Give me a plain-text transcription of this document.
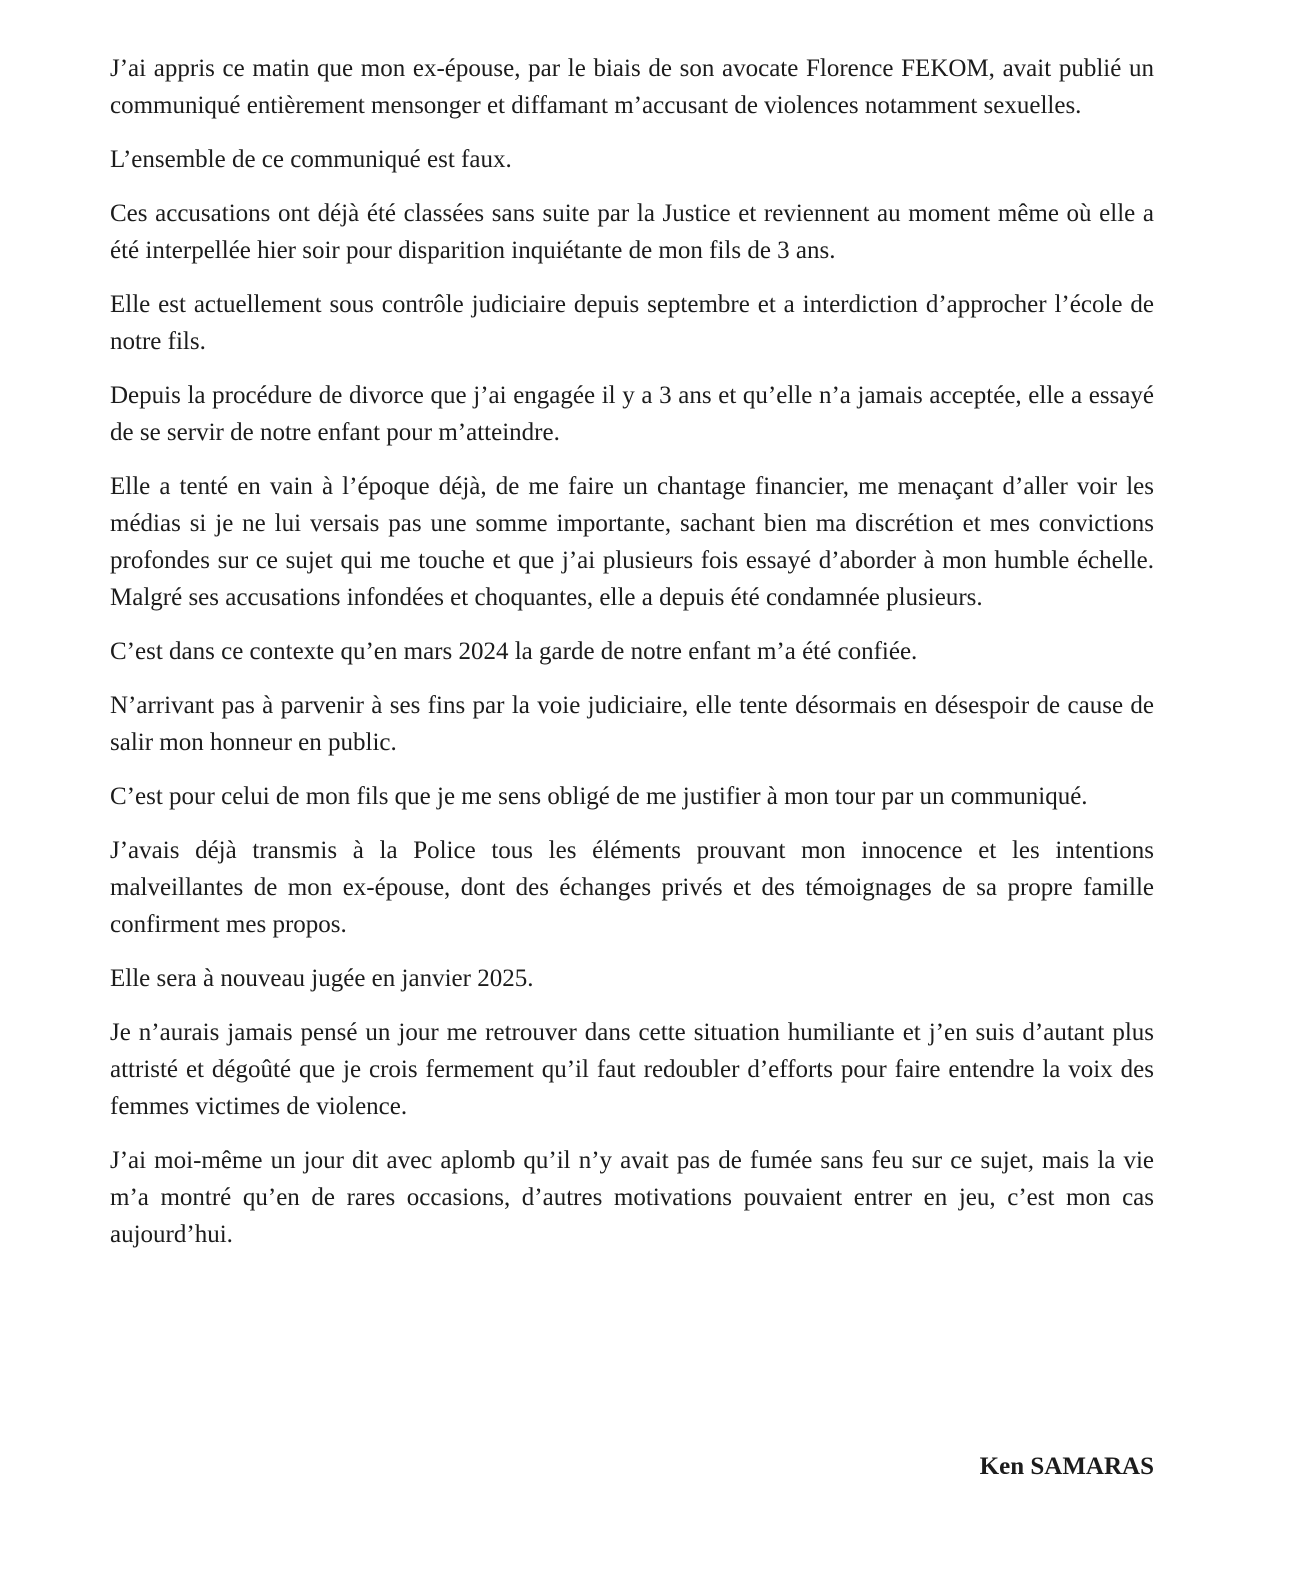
J’ai appris ce matin que mon ex-épouse, par le biais de son avocate Florence FEKOM, avait publié un communiqué entièrement mensonger et diffamant m’accusant de violences notamment sexuelles.

L’ensemble de ce communiqué est faux.

Ces accusations ont déjà été classées sans suite par la Justice et reviennent au moment même où elle a été interpellée hier soir pour disparition inquiétante de mon fils de 3 ans.

Elle est actuellement sous contrôle judiciaire depuis septembre et a interdiction d’approcher l’école de notre fils.

Depuis la procédure de divorce que j’ai engagée il y a 3 ans et qu’elle n’a jamais acceptée, elle a essayé de se servir de notre enfant pour m’atteindre.

Elle a tenté en vain à l’époque déjà, de me faire un chantage financier, me menaçant d’aller voir les médias si je ne lui versais pas une somme importante, sachant bien ma discrétion et mes convictions profondes sur ce sujet qui me touche et que j’ai plusieurs fois essayé d’aborder à mon humble échelle. Malgré ses accusations infondées et choquantes, elle a depuis été condamnée plusieurs.

C’est dans ce contexte qu’en mars 2024 la garde de notre enfant m’a été confiée.

N’arrivant pas à parvenir à ses fins par la voie judiciaire, elle tente désormais en désespoir de cause de salir mon honneur en public.

C’est pour celui de mon fils que je me sens obligé de me justifier à mon tour par un communiqué.

J’avais déjà transmis à la Police tous les éléments prouvant mon innocence et les intentions malveillantes de mon ex-épouse, dont des échanges privés et des témoignages de sa propre famille confirment mes propos.

Elle sera à nouveau jugée en janvier 2025.

Je n’aurais jamais pensé un jour me retrouver dans cette situation humiliante et j’en suis d’autant plus attristé et dégoûté que je crois fermement qu’il faut redoubler d’efforts pour faire entendre la voix des femmes victimes de violence.

J’ai moi-même un jour dit avec aplomb qu’il n’y avait pas de fumée sans feu sur ce sujet, mais la vie m’a montré qu’en de rares occasions, d’autres motivations pouvaient entrer en jeu, c’est mon cas aujourd’hui.

Ken SAMARAS
